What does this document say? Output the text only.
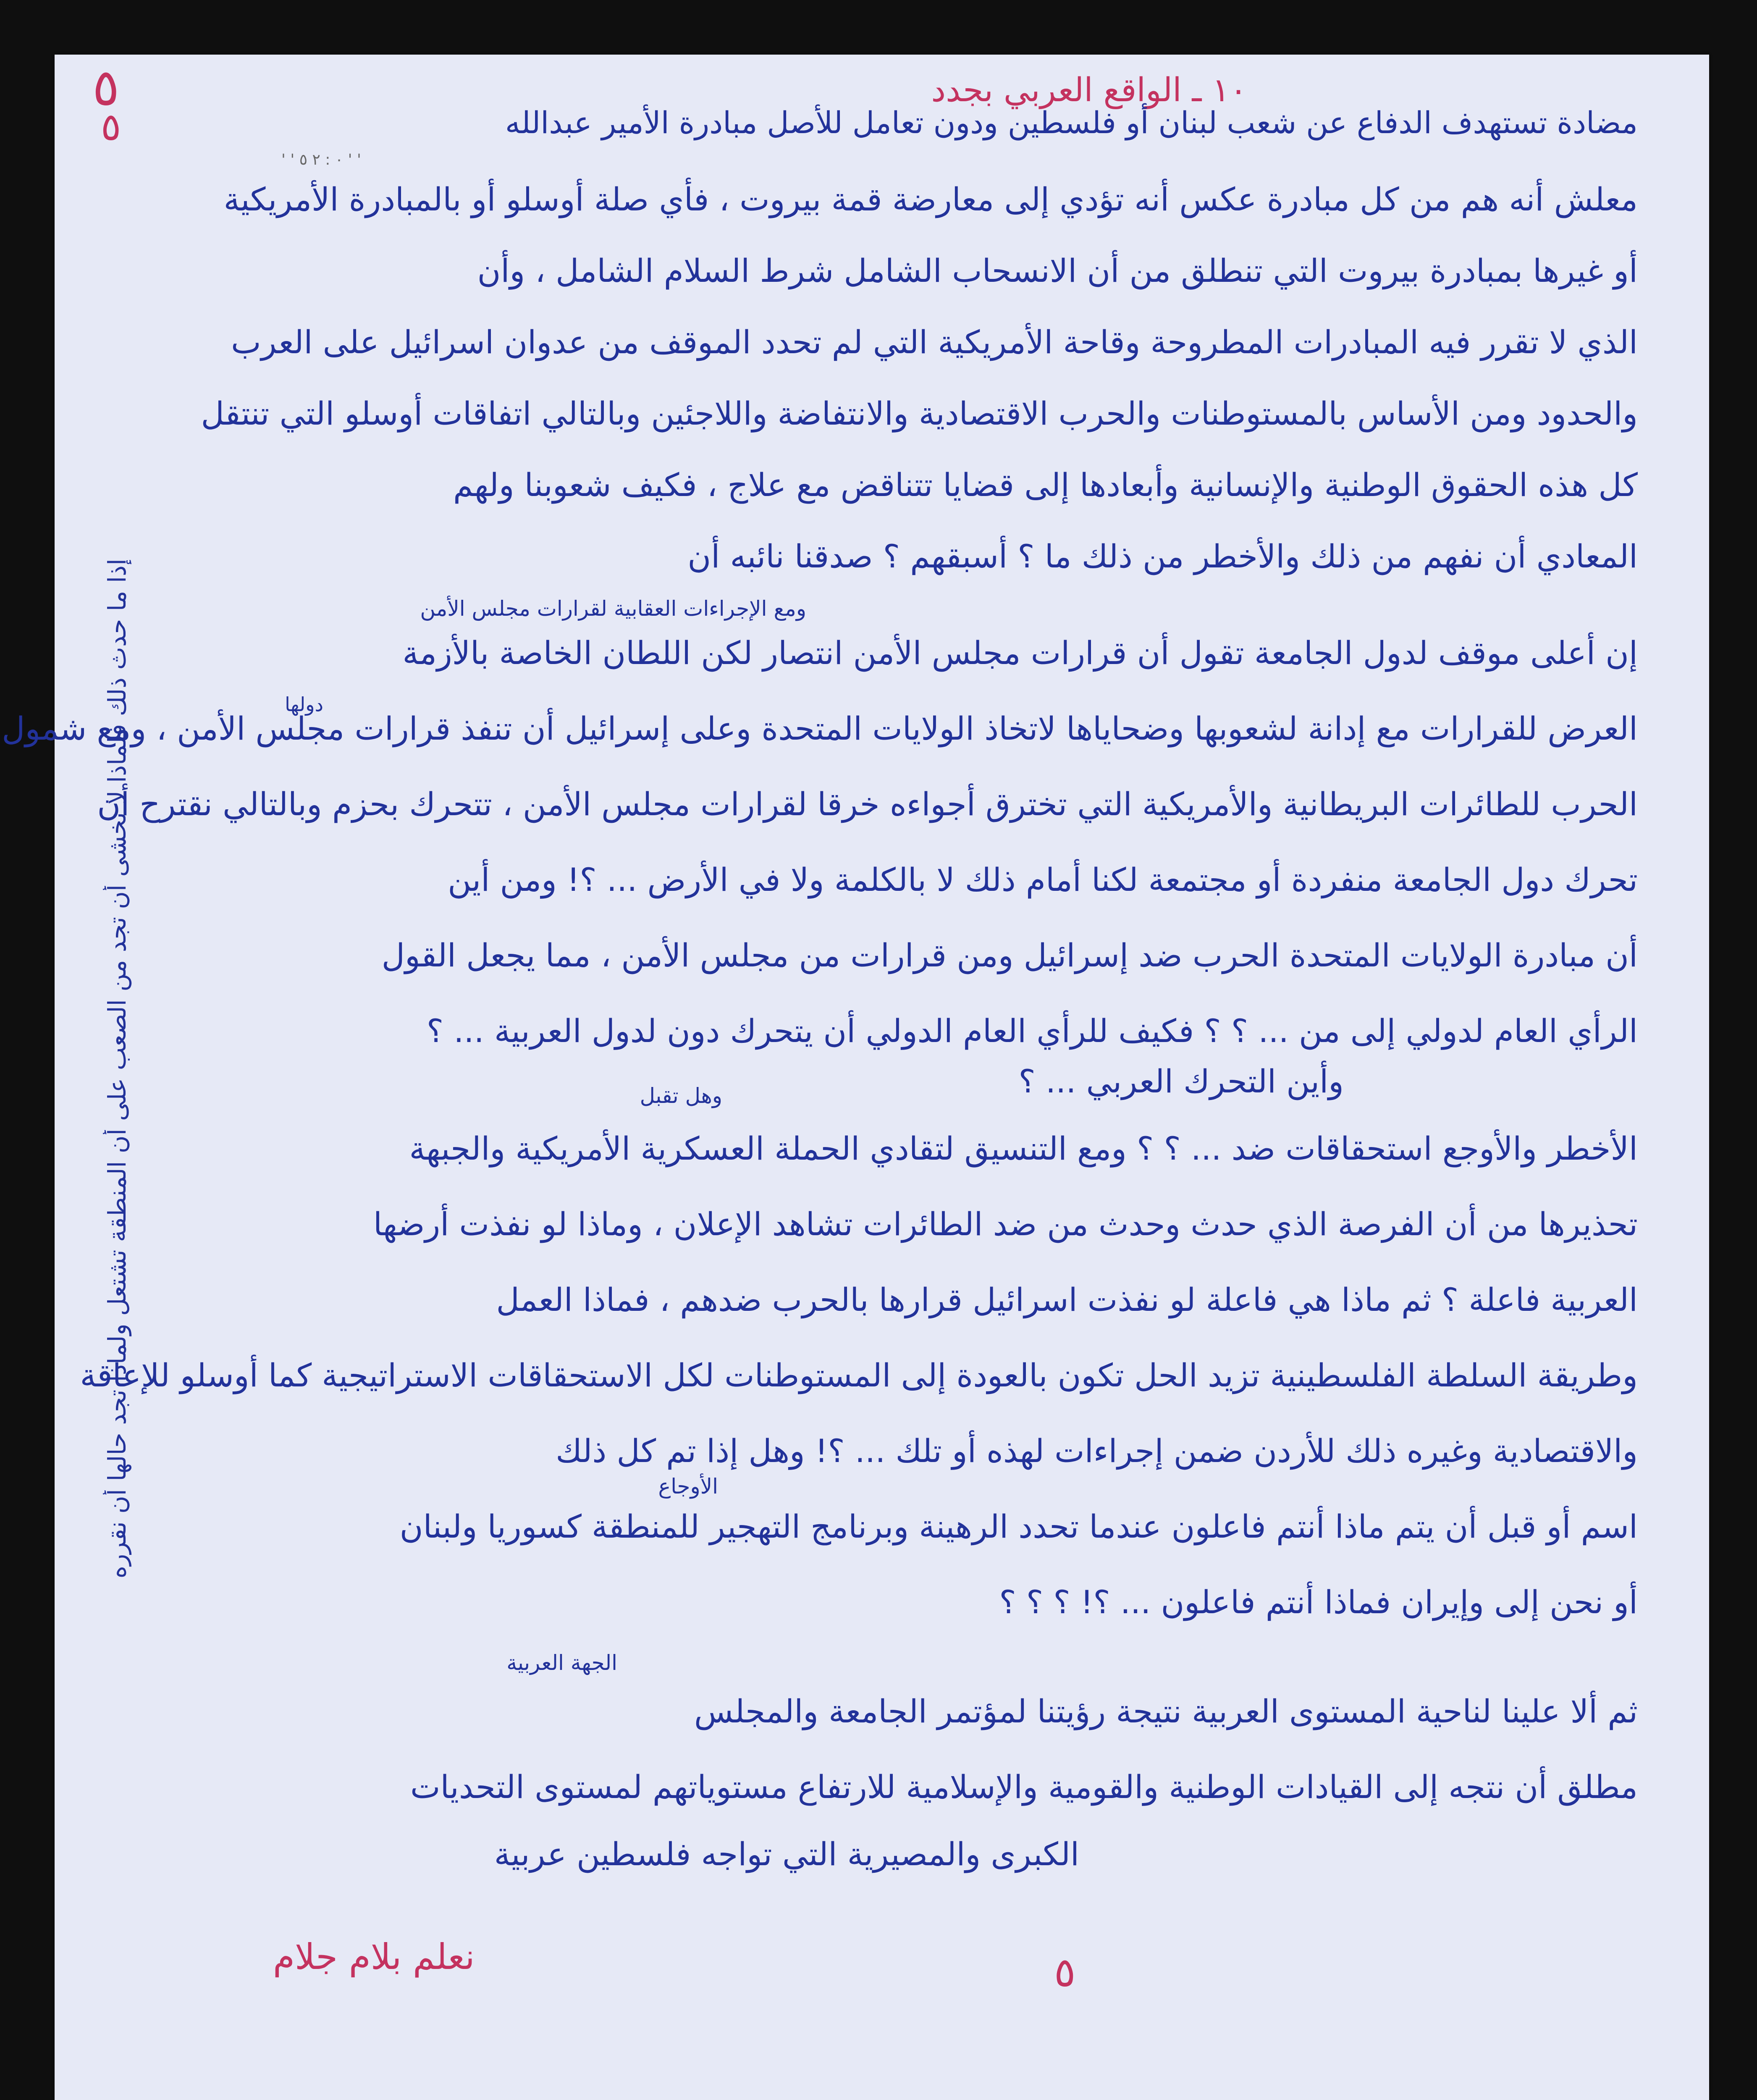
٥
٥
١٠ ـ الواقع العربي بجدد
' ' ٠ : ٢ ٥ ' '
مضادة تستهدف الدفاع عن شعب لبنان أو فلسطين ودون تعامل للأصل مبادرة الأمير عبدالله
معلش أنه هم من كل مبادرة عكس أنه تؤدي إلى معارضة قمة بيروت ، فأي صلة أوسلو أو بالمبادرة الأمريكية
أو غيرها بمبادرة بيروت التي تنطلق من أن الانسحاب الشامل شرط السلام الشامل ، وأن
الذي لا تقرر فيه المبادرات المطروحة وقاحة الأمريكية التي لم تحدد الموقف من عدوان اسرائيل على العرب
والحدود ومن الأساس بالمستوطنات والحرب الاقتصادية والانتفاضة واللاجئين وبالتالي اتفاقات أوسلو التي تنتقل
كل هذه الحقوق الوطنية والإنسانية وأبعادها إلى قضايا تتناقض مع علاج ، فكيف شعوبنا ولهم
المعادي أن نفهم من ذلك والأخطر من ذلك ما ؟ أسبقهم ؟ صدقنا نائبه أن
ومع الإجراءات العقابية لقرارات مجلس الأمن
إن أعلى موقف لدول الجامعة تقول أن قرارات مجلس الأمن انتصار لكن اللطان الخاصة بالأزمة
العرض للقرارات مع إدانة لشعوبها وضحاياها لاتخاذ الولايات المتحدة وعلى إسرائيل أن تنفذ قرارات مجلس الأمن ، ومع شمول
الحرب للطائرات البريطانية والأمريكية التي تخترق أجواءه خرقا لقرارات مجلس الأمن ، تتحرك بحزم وبالتالي نقترح أن
تحرك دول الجامعة منفردة أو مجتمعة لكنا أمام ذلك لا بالكلمة ولا في الأرض ... ؟! ومن أين
أن مبادرة الولايات المتحدة الحرب ضد إسرائيل ومن قرارات من مجلس الأمن ، مما يجعل القول
الرأي العام لدولي إلى من ... ؟ ؟ فكيف للرأي العام الدولي أن يتحرك دون لدول العربية ... ؟
وأين التحرك العربي ... ؟
وهل تقبل
الأخطر والأوجع استحقاقات ضد ... ؟ ؟ ومع التنسيق لتقادي الحملة العسكرية الأمريكية والجبهة
تحذيرها من أن الفرصة الذي حدث وحدث من ضد الطائرات تشاهد الإعلان ، وماذا لو نفذت أرضها
العربية فاعلة ؟ ثم ماذا هي فاعلة لو نفذت اسرائيل قرارها بالحرب ضدهم ، فماذا العمل
وطريقة السلطة الفلسطينية تزيد الحل تكون بالعودة إلى المستوطنات لكل الاستحقاقات الاستراتيجية كما أوسلو للإعاقة
والاقتصادية وغيره ذلك للأردن ضمن إجراءات لهذه أو تلك ... ؟! وهل إذا تم كل ذلك
الأوجاع
اسم أو قبل أن يتم ماذا أنتم فاعلون عندما تحدد الرهينة وبرنامج التهجير للمنطقة كسوريا ولبنان
أو نحن إلى وإيران فماذا أنتم فاعلون ... ؟! ؟ ؟ ؟
الجهة العربية
ثم ألا علينا لناحية المستوى العربية نتيجة رؤيتنا لمؤتمر الجامعة والمجلس
مطلق أن نتجه إلى القيادات الوطنية والقومية والإسلامية للارتفاع مستوياتهم لمستوى التحديات
الكبرى والمصيرية التي تواجه فلسطين عربية
دولها
إذا ما حدث ذلك فلماذا لا نخشى أن تجد من الصعب على أن المنطقة تشتعل ولماذا تجد حالها أن نقرره
نعلم بلام جلام	٥
